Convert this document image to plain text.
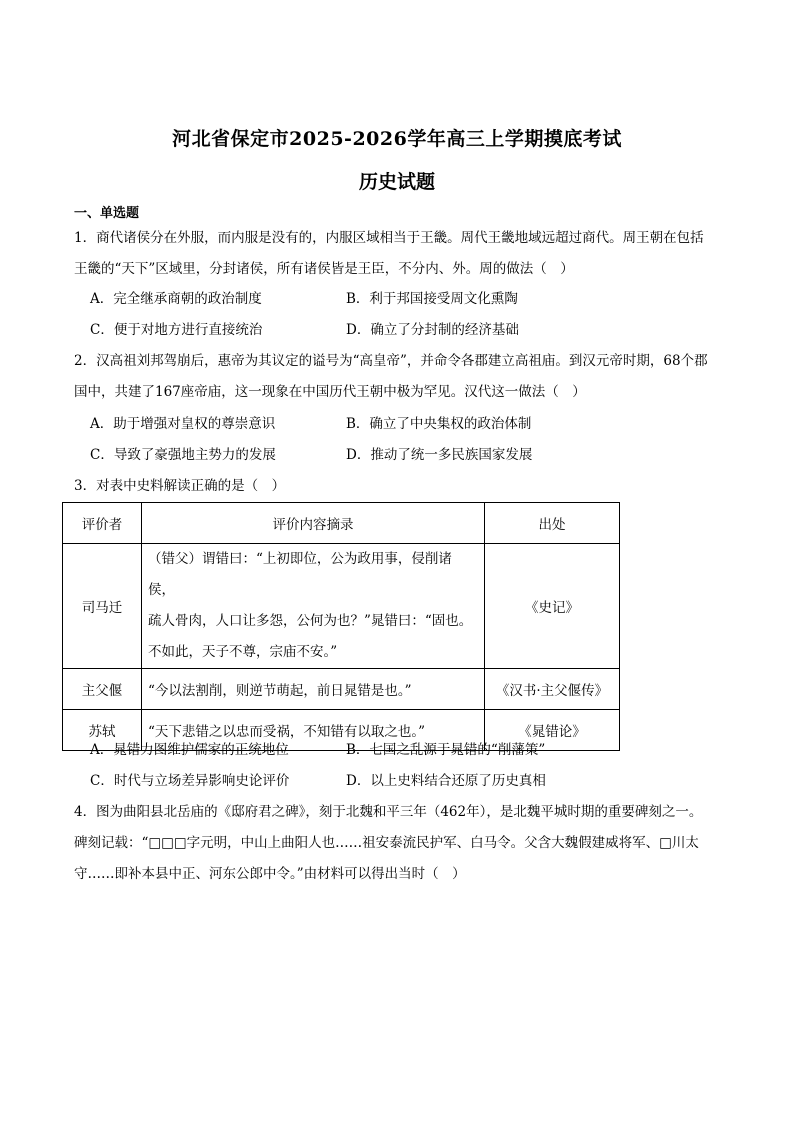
河北省保定市2025-2026学年高三上学期摸底考试
历史试题
一、单选题
1．商代诸侯分在外服，而内服是没有的，内服区域相当于王畿。周代王畿地域远超过商代。周王朝在包括
王畿的“天下”区域里，分封诸侯，所有诸侯皆是王臣，不分内、外。周的做法（　）
A．完全继承商朝的政治制度	B．利于邦国接受周文化熏陶
C．便于对地方进行直接统治	D．确立了分封制的经济基础
2．汉高祖刘邦驾崩后，惠帝为其议定的谥号为“高皇帝”，并命令各郡建立高祖庙。到汉元帝时期，68个郡
国中，共建了167座帝庙，这一现象在中国历代王朝中极为罕见。汉代这一做法（　）
A．助于增强对皇权的尊崇意识	B．确立了中央集权的政治体制
C．导致了豪强地主势力的发展	D．推动了统一多民族国家发展
3．对表中史料解读正确的是（　）
评价者	评价内容摘录	出处
司马迁	（错父）谓错曰：“上初即位，公为政用事，侵削诸侯，
疏人骨肉，人口让多怨，公何为也？”晁错曰：“固也。
不如此，天子不尊，宗庙不安。”	《史记》
主父偃	“今以法割削，则逆节萌起，前日晁错是也。”	《汉书·主父偃传》
苏轼	“天下悲错之以忠而受祸，不知错有以取之也。”	《晁错论》
A．晁错力图维护儒家的正统地位	B．七国之乱源于晁错的“削藩策”
C．时代与立场差异影响史论评价	D．以上史料结合还原了历史真相
4．图为曲阳县北岳庙的《邸府君之碑》，刻于北魏和平三年（462年），是北魏平城时期的重要碑刻之一。
碑刻记载：“□□□字元明，中山上曲阳人也……祖安泰流民护军、白马令。父含大魏假建威将军、□川太
守……即补本县中正、河东公郎中令。”由材料可以得出当时（　）
